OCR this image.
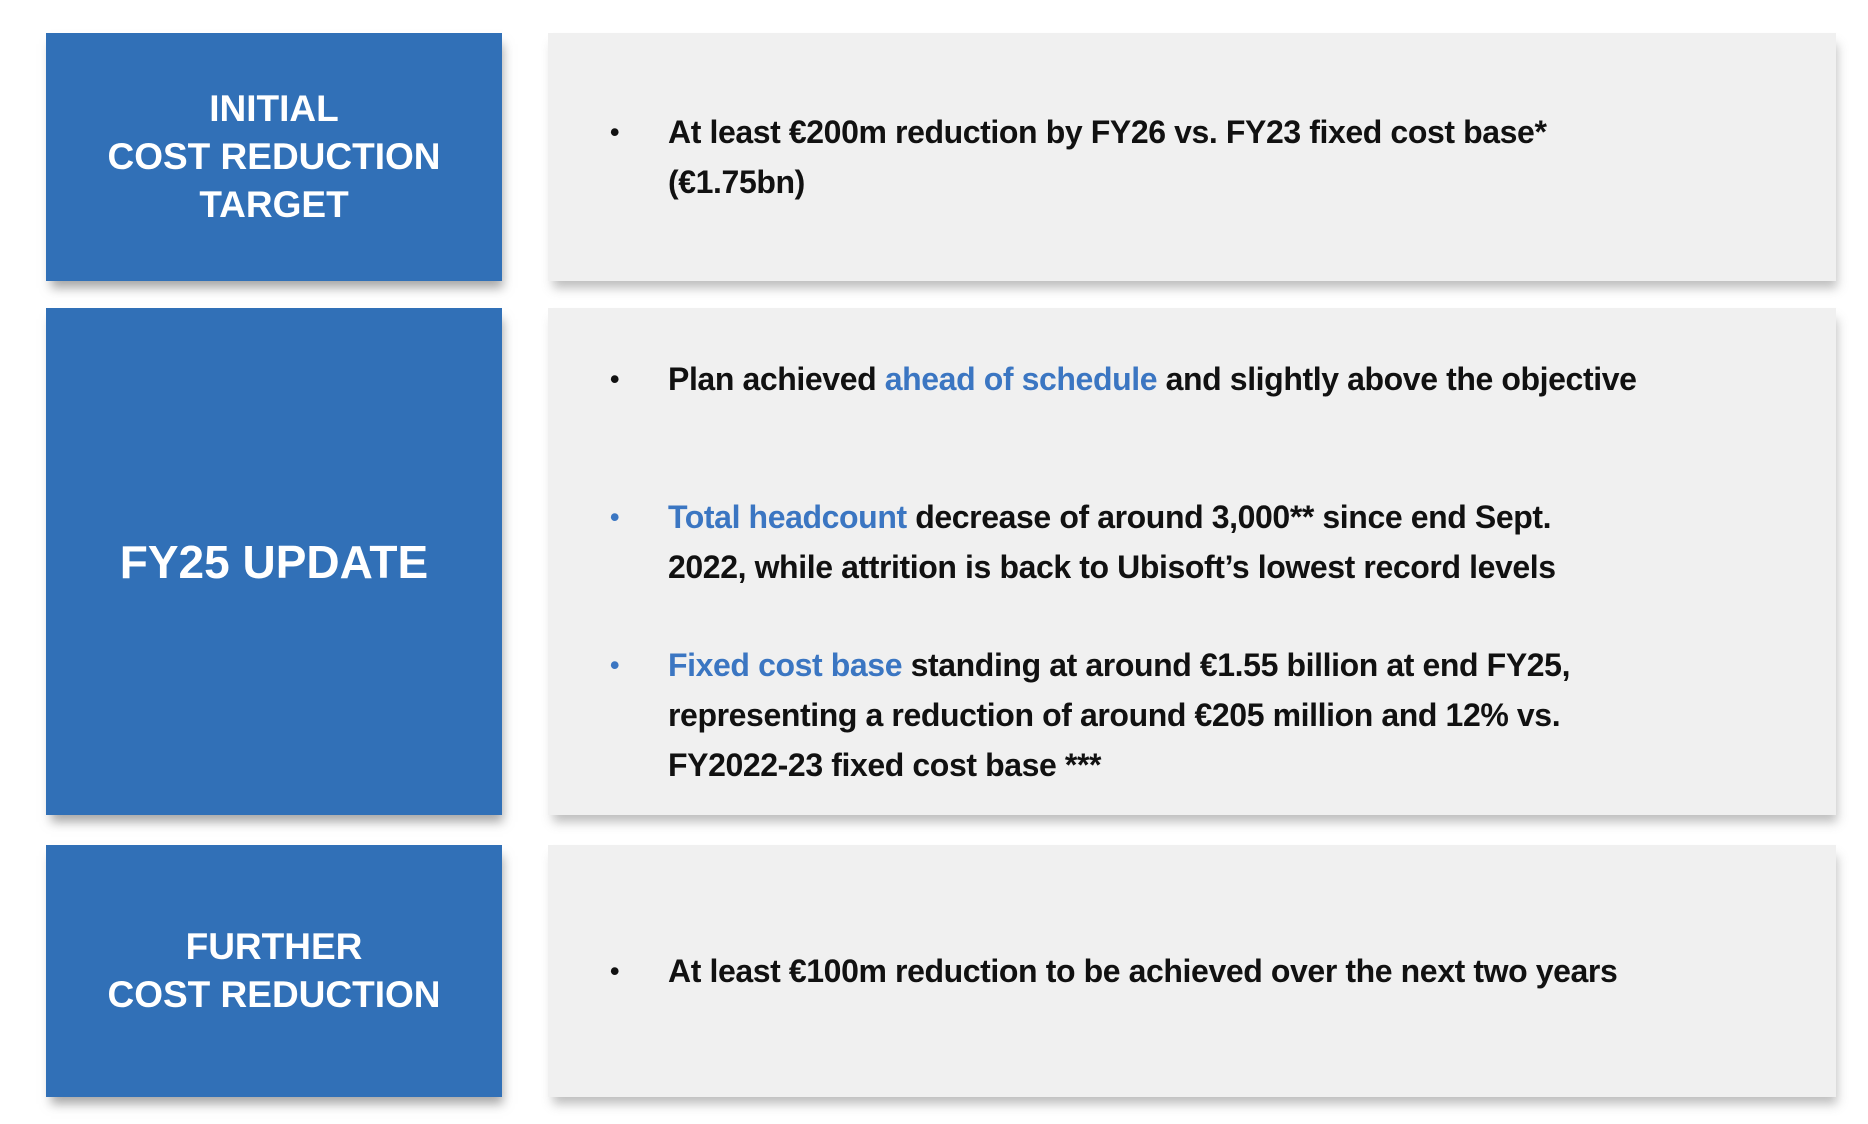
INITIAL
COST REDUCTION
TARGET
•	At least €200m reduction by FY26 vs. FY23 fixed cost base*
(€1.75bn)
FY25 UPDATE
•	Plan achieved ahead of schedule and slightly above the objective
•	Total headcount decrease of around 3,000** since end Sept.
2022, while attrition is back to Ubisoft’s lowest record levels
•	Fixed cost base standing at around €1.55 billion at end FY25,
representing a reduction of around €205 million and 12% vs.
FY2022-23 fixed cost base ***
FURTHER
COST REDUCTION
•	At least €100m reduction to be achieved over the next two years
